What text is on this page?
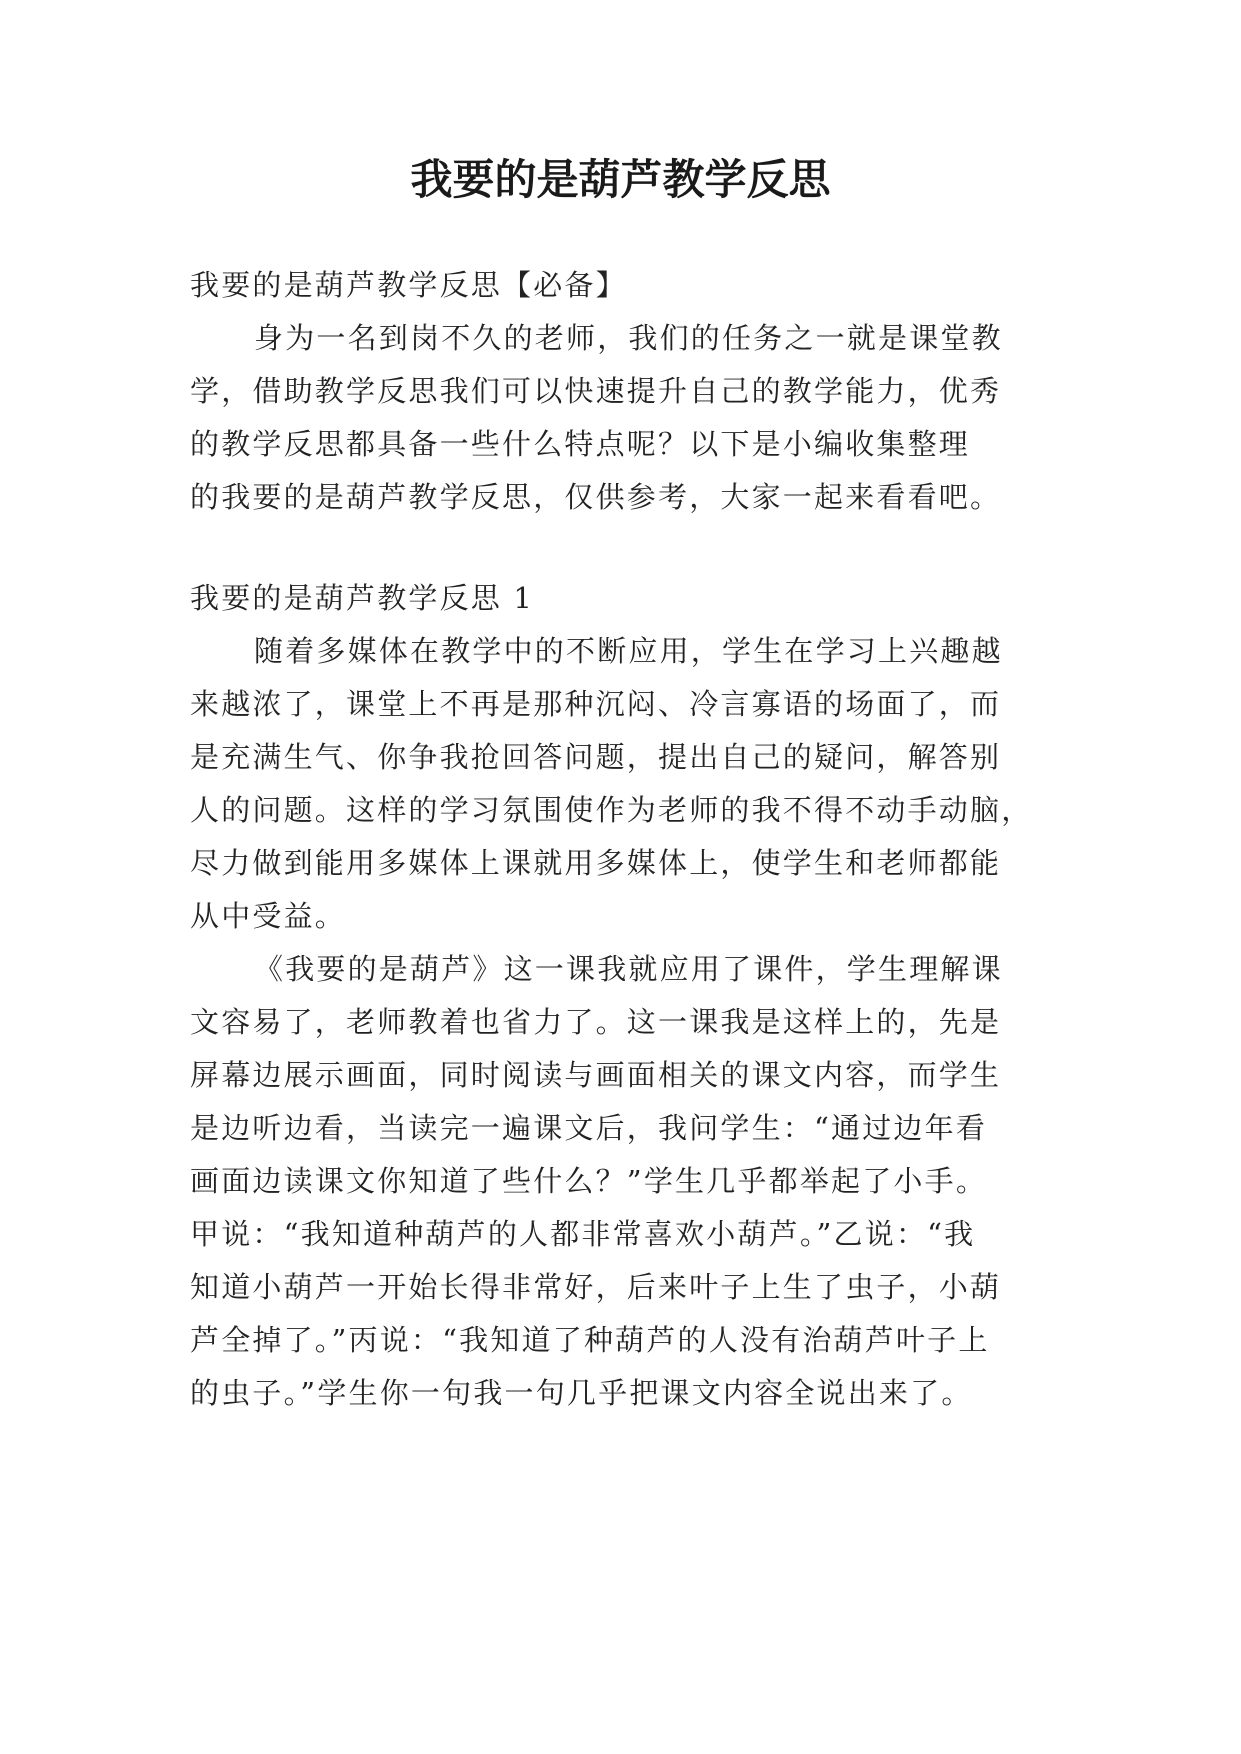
我要的是葫芦教学反思

我要的是葫芦教学反思【必备】

身为一名到岗不久的老师，我们的任务之一就是课堂教

学，借助教学反思我们可以快速提升自己的教学能力，优秀

的教学反思都具备一些什么特点呢？以下是小编收集整理

的我要的是葫芦教学反思，仅供参考，大家一起来看看吧。

我要的是葫芦教学反思 1

随着多媒体在教学中的不断应用，学生在学习上兴趣越

来越浓了，课堂上不再是那种沉闷、冷言寡语的场面了，而

是充满生气、你争我抢回答问题，提出自己的疑问，解答别

人的问题。这样的学习氛围使作为老师的我不得不动手动脑，

尽力做到能用多媒体上课就用多媒体上，使学生和老师都能

从中受益。

《我要的是葫芦》这一课我就应用了课件，学生理解课

文容易了，老师教着也省力了。这一课我是这样上的，先是

屏幕边展示画面，同时阅读与画面相关的课文内容，而学生

是边听边看，当读完一遍课文后，我问学生：“通过边年看

画面边读课文你知道了些什么？”学生几乎都举起了小手。

甲说：“我知道种葫芦的人都非常喜欢小葫芦。”乙说：“我

知道小葫芦一开始长得非常好，后来叶子上生了虫子，小葫

芦全掉了。”丙说：“我知道了种葫芦的人没有治葫芦叶子上

的虫子。”学生你一句我一句几乎把课文内容全说出来了。
